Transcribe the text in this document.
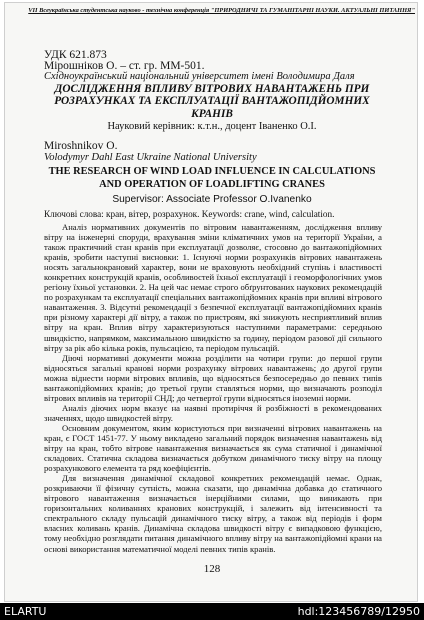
VII Всеукраїнська студентська науково - технічна конференція "ПРИРОДНИЧІ ТА ГУМАНІТАРНІ НАУКИ. АКТУАЛЬНІ ПИТАННЯ"
УДК 621.873
Мірошніков О. – ст. гр. ММ-501.
Східноукраїнський національний університет імені Володимира Даля
ДОСЛІДЖЕННЯ ВПЛИВУ ВІТРОВИХ НАВАНТАЖЕНЬ ПРИ РОЗРАХУНКАХ ТА ЕКСПЛУАТАЦІЇ ВАНТАЖОПІДЙОМНИХ КРАНІВ
Науковий керівник: к.т.н., доцент Іваненко О.І.
Miroshnikov O.
Volodymyr Dahl East Ukraine National University
THE RESEARCH OF WIND LOAD INFLUENCE IN CALCULATIONS AND OPERATION OF LOADLIFTING CRANES
Supervisor: Associate Professor O.Ivanenko
Ключові слова: кран, вітер, розрахунок. Keywords: crane, wind, calculation.

Аналіз нормативних документів по вітровим навантаженням, дослідження впливу вітру на інженерні споруди, врахування зміни кліматичних умов на території України, а також практичний стан кранів при експлуатації дозволяє, стосовно до вантажопідйомних кранів, зробити наступні висновки: 1. Існуючі норми розрахунків вітрових навантажень носять загальнокрановий характер, вони не враховують необхідний ступінь і властивості конкретних конструкцій кранів, особливостей їхньої експлуатації і геоморфологічних умов регіону їхньої установки. 2. На цей час немає строго обґрунтованих наукових рекомендацій по розрахункам та експлуатації спеціальних вантажопідйомних кранів при впливі вітрового навантаження. 3. Відсутні рекомендації з безпечної експлуатації вантажопідйомних кранів при різному характері дії вітру, а також по пристроям, які знижують несприятливий вплив вітру на кран. Вплив вітру характеризуються наступними параметрами: середньою швидкістю, напрямком, максимальною швидкістю за годину, періодом разової дії сильного вітру за рік або кілька років, пульсацією, та періодом пульсацій.

Діючі нормативні документи можна розділити на чотири групи: до першої групи відносяться загальні кранові норми розрахунку вітрових навантажень; до другої групи можна віднести норми вітрових впливів, що відносяться безпосередньо до певних типів вантажопідйомних кранів; до третьої групи ставляться норми, що визначають розподіл вітрових впливів на території СНД; до четвертої групи відносяться іноземні норми.

Аналіз діючих норм вказує на наявні протиріччя й розбіжності в рекомендованих значеннях, щодо швидкостей вітру.

Основним документом, яким користуються при визначенні вітрових навантажень на кран, є ГОСТ 1451-77. У ньому викладено загальний порядок визначення навантажень від вітру на кран, тобто вітрове навантаження визначається як сума статичної і динамічної складових. Статична складова визначається добутком динамічного тиску вітру на площу розрахункового елемента та ряд коефіцієнтів.

Для визначення динамічної складової конкретних рекомендацій немає. Однак, розкриваючи її фізичну сутність, можна сказати, що динамічна добавка до статичного вітрового навантаження визначається інерційними силами, що виникають при горизонтальних коливаннях кранових конструкцій, і залежить від інтенсивності та спектрального складу пульсацій динамічного тиску вітру, а також від періодів і форм власних коливань кранів. Динамічна складова швидкості вітру є випадковою функцією, тому необхідно розглядати питання динамічного впливу вітру на вантажопідйомні крани на основі використання математичної моделі певних типів кранів.

128
ELARTU	hdl:123456789/12950
